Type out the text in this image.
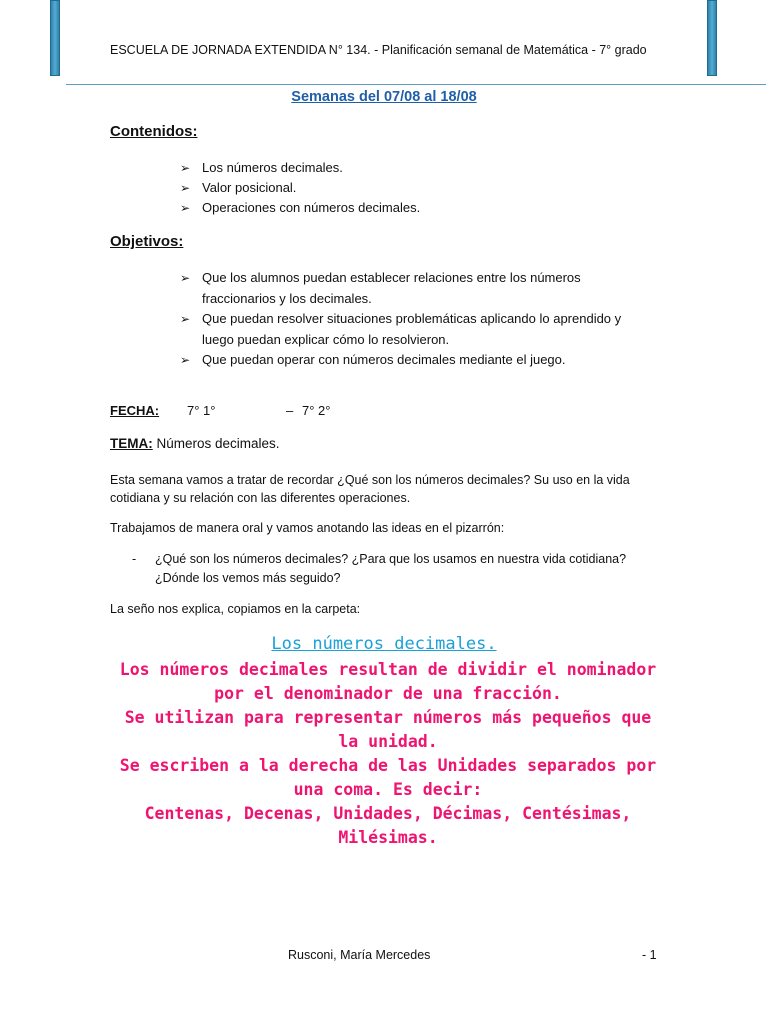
ESCUELA DE JORNADA EXTENDIDA N° 134. - Planificación semanal de Matemática - 7° grado
Semanas del 07/08 al 18/08
Contenidos:
➢ Los números decimales.
➢ Valor posicional.
➢ Operaciones con números decimales.
Objetivos:
➢ Que los alumnos puedan establecer relaciones entre los números fraccionarios y los decimales.
➢ Que puedan resolver situaciones problemáticas aplicando lo aprendido y luego puedan explicar cómo lo resolvieron.
➢ Que puedan operar con números decimales mediante el juego.
FECHA: 7° 1°	– 7° 2°
TEMA: Números decimales.
Esta semana vamos a tratar de recordar ¿Qué son los números decimales? Su uso en la vida cotidiana y su relación con las diferentes operaciones.
Trabajamos de manera oral y vamos anotando las ideas en el pizarrón:
- ¿Qué son los números decimales? ¿Para que los usamos en nuestra vida cotidiana? ¿Dónde los vemos más seguido?
La seño nos explica, copiamos en la carpeta:
Los números decimales.

Los números decimales resultan de dividir el nominador por el denominador de una fracción.

Se utilizan para representar números más pequeños que la unidad.

Se escriben a la derecha de las Unidades separados por una coma. Es decir:

Centenas, Decenas, Unidades, Décimas, Centésimas, Milésimas.

Rusconi, María Mercedes	- 1
